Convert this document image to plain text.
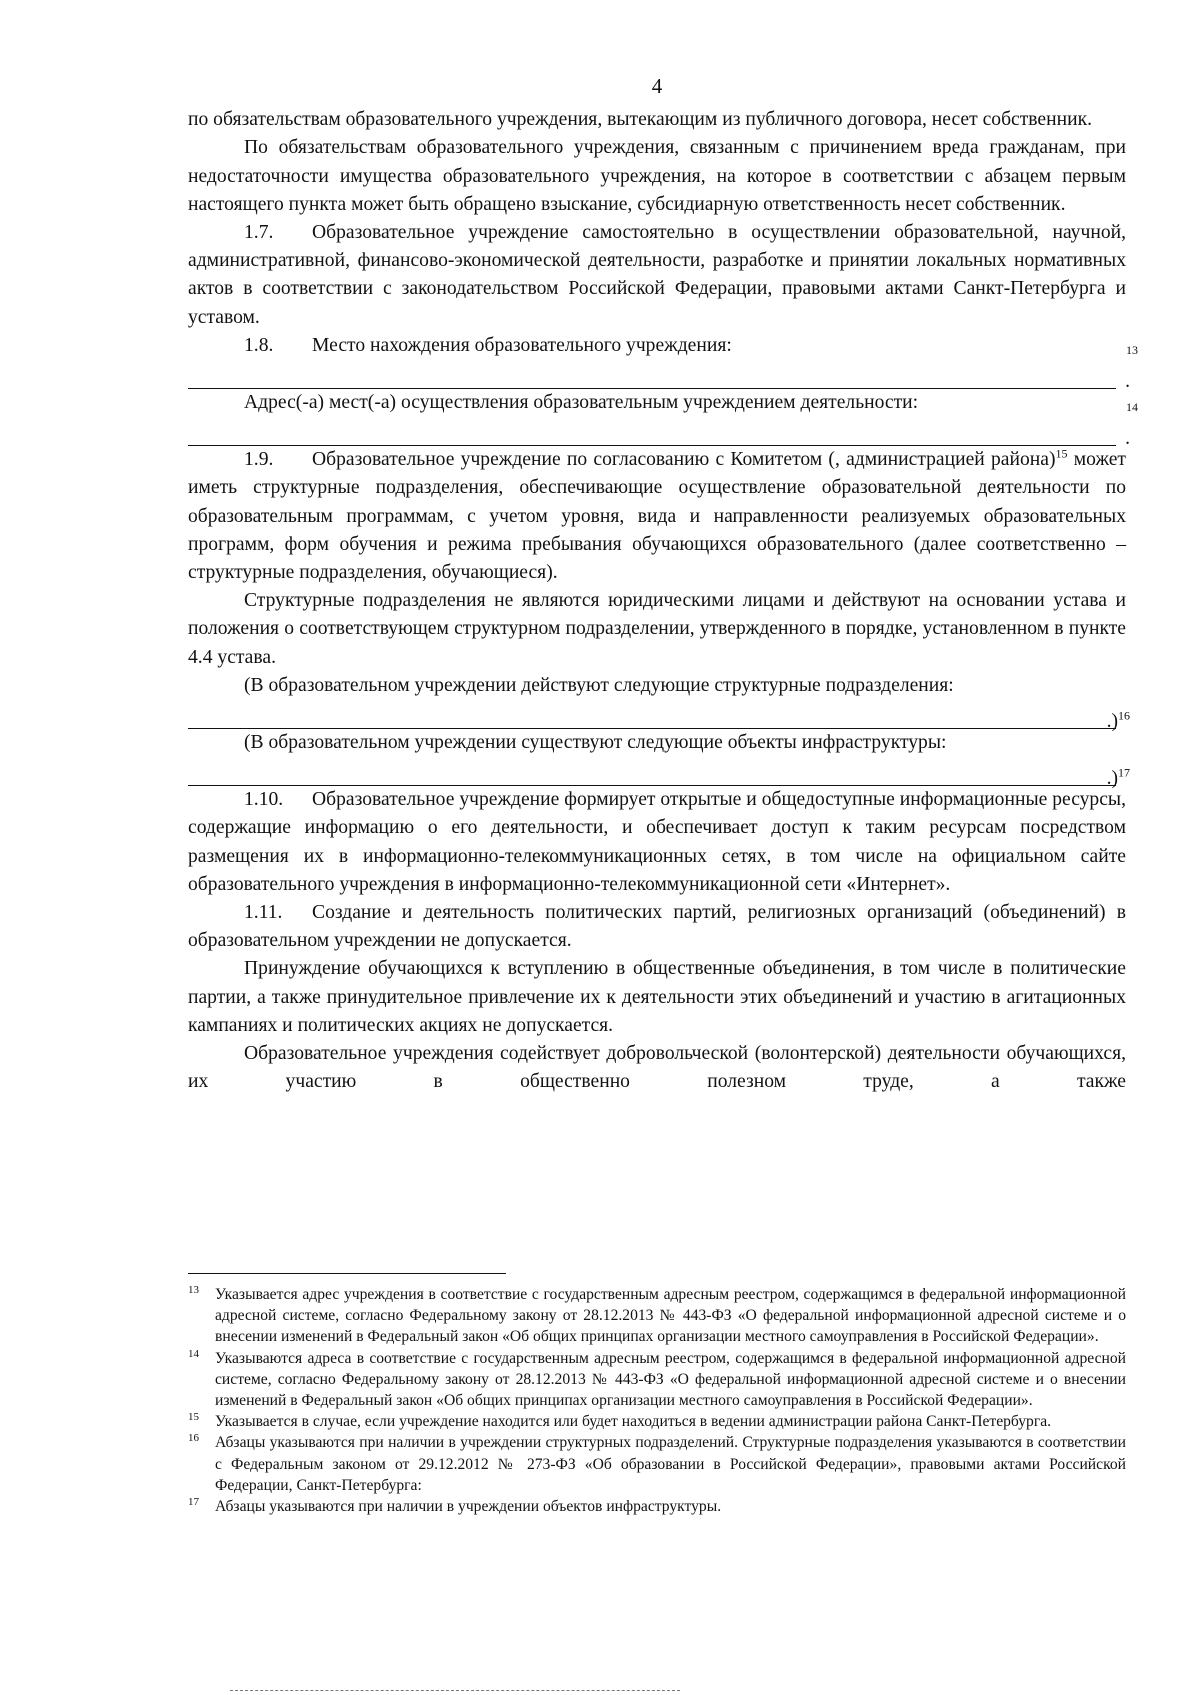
4

по обязательствам образовательного учреждения, вытекающим из публичного договора, несет собственник.

По обязательствам образовательного учреждения, связанным с причинением вреда гражданам, при недостаточности имущества образовательного учреждения, на которое в соответствии с абзацем первым настоящего пункта может быть обращено взыскание, субсидиарную ответственность несет собственник.

1.7. Образовательное учреждение самостоятельно в осуществлении образовательной, научной, административной, финансово-экономической деятельности, разработке и принятии локальных нормативных актов в соответствии с законодательством Российской Федерации, правовыми актами Санкт-Петербурга и уставом.

1.8. Место нахождения образовательного учреждения:

.
13

Адрес(-а) мест(-а) осуществления образовательным учреждением деятельности:

.
14

1.9. Образовательное учреждение по согласованию с Комитетом (, администрацией района)$^{15}$ может иметь структурные подразделения, обеспечивающие осуществление образовательной деятельности по образовательным программам, с учетом уровня, вида и направленности реализуемых образовательных программ, форм обучения и режима пребывания обучающихся образовательного (далее соответственно – структурные подразделения, обучающиеся).

Структурные подразделения не являются юридическими лицами и действуют на основании устава и положения о соответствующем структурном подразделении, утвержденного в порядке, установленном в пункте 4.4 устава.

(В образовательном учреждении действуют следующие структурные подразделения:

.)$^{16}$

(В образовательном учреждении существуют следующие объекты инфраструктуры:

.)$^{17}$

1.10. Образовательное учреждение формирует открытые и общедоступные информационные ресурсы, содержащие информацию о его деятельности, и обеспечивает доступ к таким ресурсам посредством размещения их в информационно-телекоммуникационных сетях, в том числе на официальном сайте образовательного учреждения в информационно-телекоммуникационной сети «Интернет».

1.11. Создание и деятельность политических партий, религиозных организаций (объединений) в образовательном учреждении не допускается.

Принуждение обучающихся к вступлению в общественные объединения, в том числе в политические партии, а также принудительное привлечение их к деятельности этих объединений и участию в агитационных кампаниях и политических акциях не допускается.

Образовательное учреждения содействует добровольческой (волонтерской) деятельности обучающихся, их участию в общественно полезном труде, а также

13 Указывается адрес учреждения в соответствие с государственным адресным реестром, содержащимся в федеральной информационной адресной системе, согласно Федеральному закону от 28.12.2013 № 443-ФЗ «О федеральной информационной адресной системе и о внесении изменений в Федеральный закон «Об общих принципах организации местного самоуправления в Российской Федерации».
14 Указываются адреса в соответствие с государственным адресным реестром, содержащимся в федеральной информационной адресной системе, согласно Федеральному закону от 28.12.2013 № 443-ФЗ «О федеральной информационной адресной системе и о внесении изменений в Федеральный закон «Об общих принципах организации местного самоуправления в Российской Федерации».
15 Указывается в случае, если учреждение находится или будет находиться в ведении администрации района Санкт-Петербурга.
16 Абзацы указываются при наличии в учреждении структурных подразделений. Структурные подразделения указываются в соответствии с Федеральным законом от 29.12.2012 № 273-ФЗ «Об образовании в Российской Федерации», правовыми актами Российской Федерации, Санкт-Петербурга:
17 Абзацы указываются при наличии в учреждении объектов инфраструктуры.
